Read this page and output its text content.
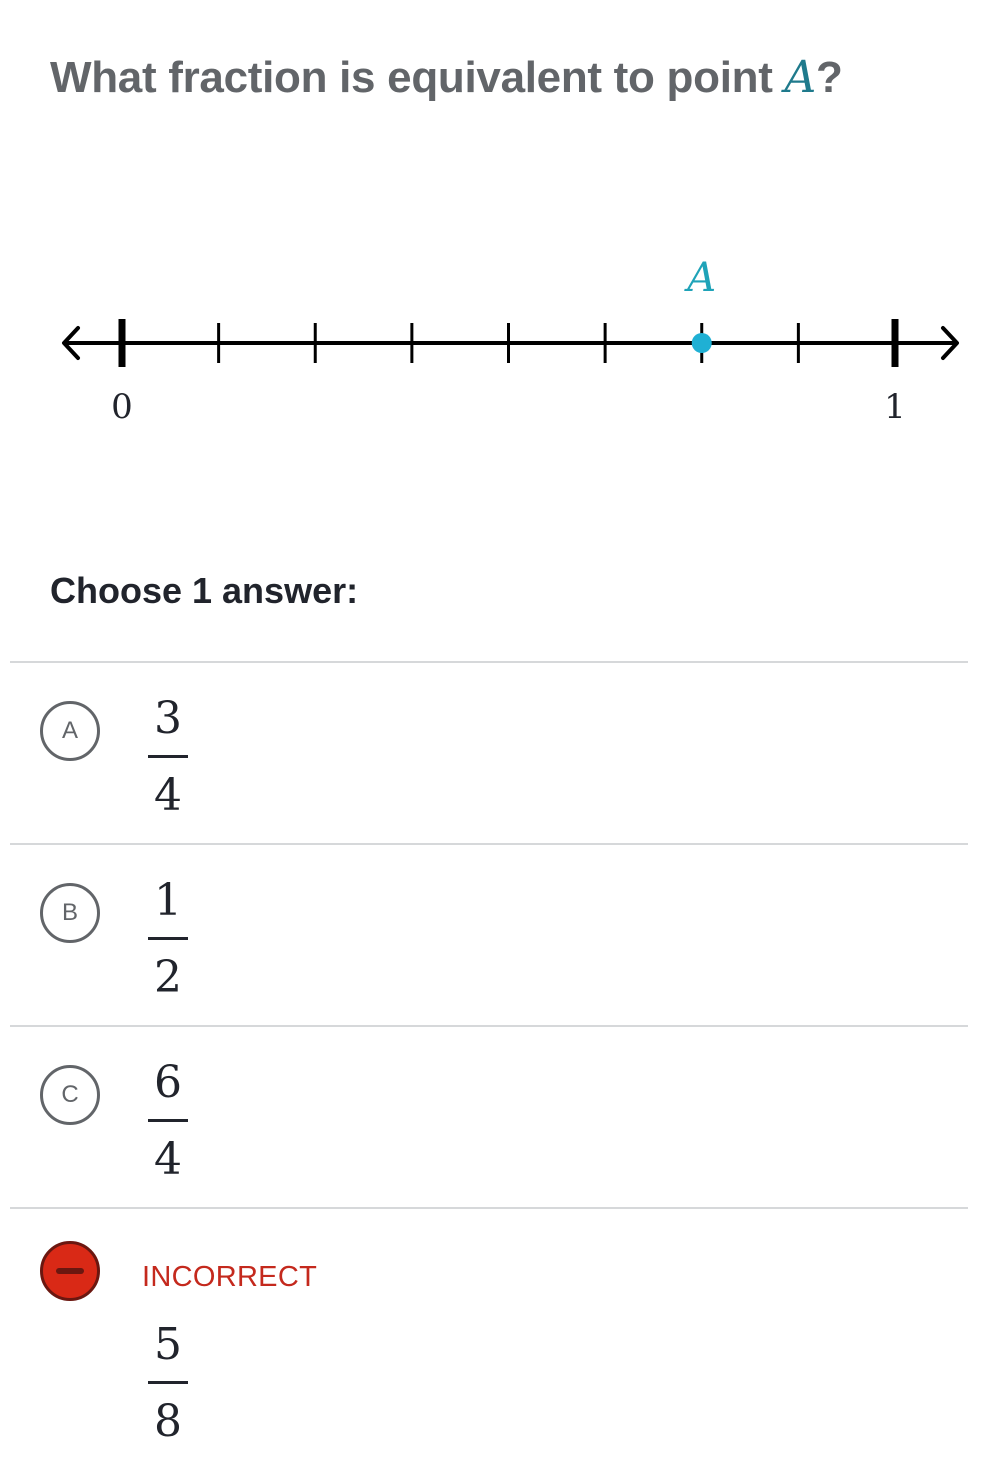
What fraction is equivalent to point A?
0	1
A
Choose 1 answer:
A	3
4
B	1
2
C	6
4
INCORRECT
5
8
